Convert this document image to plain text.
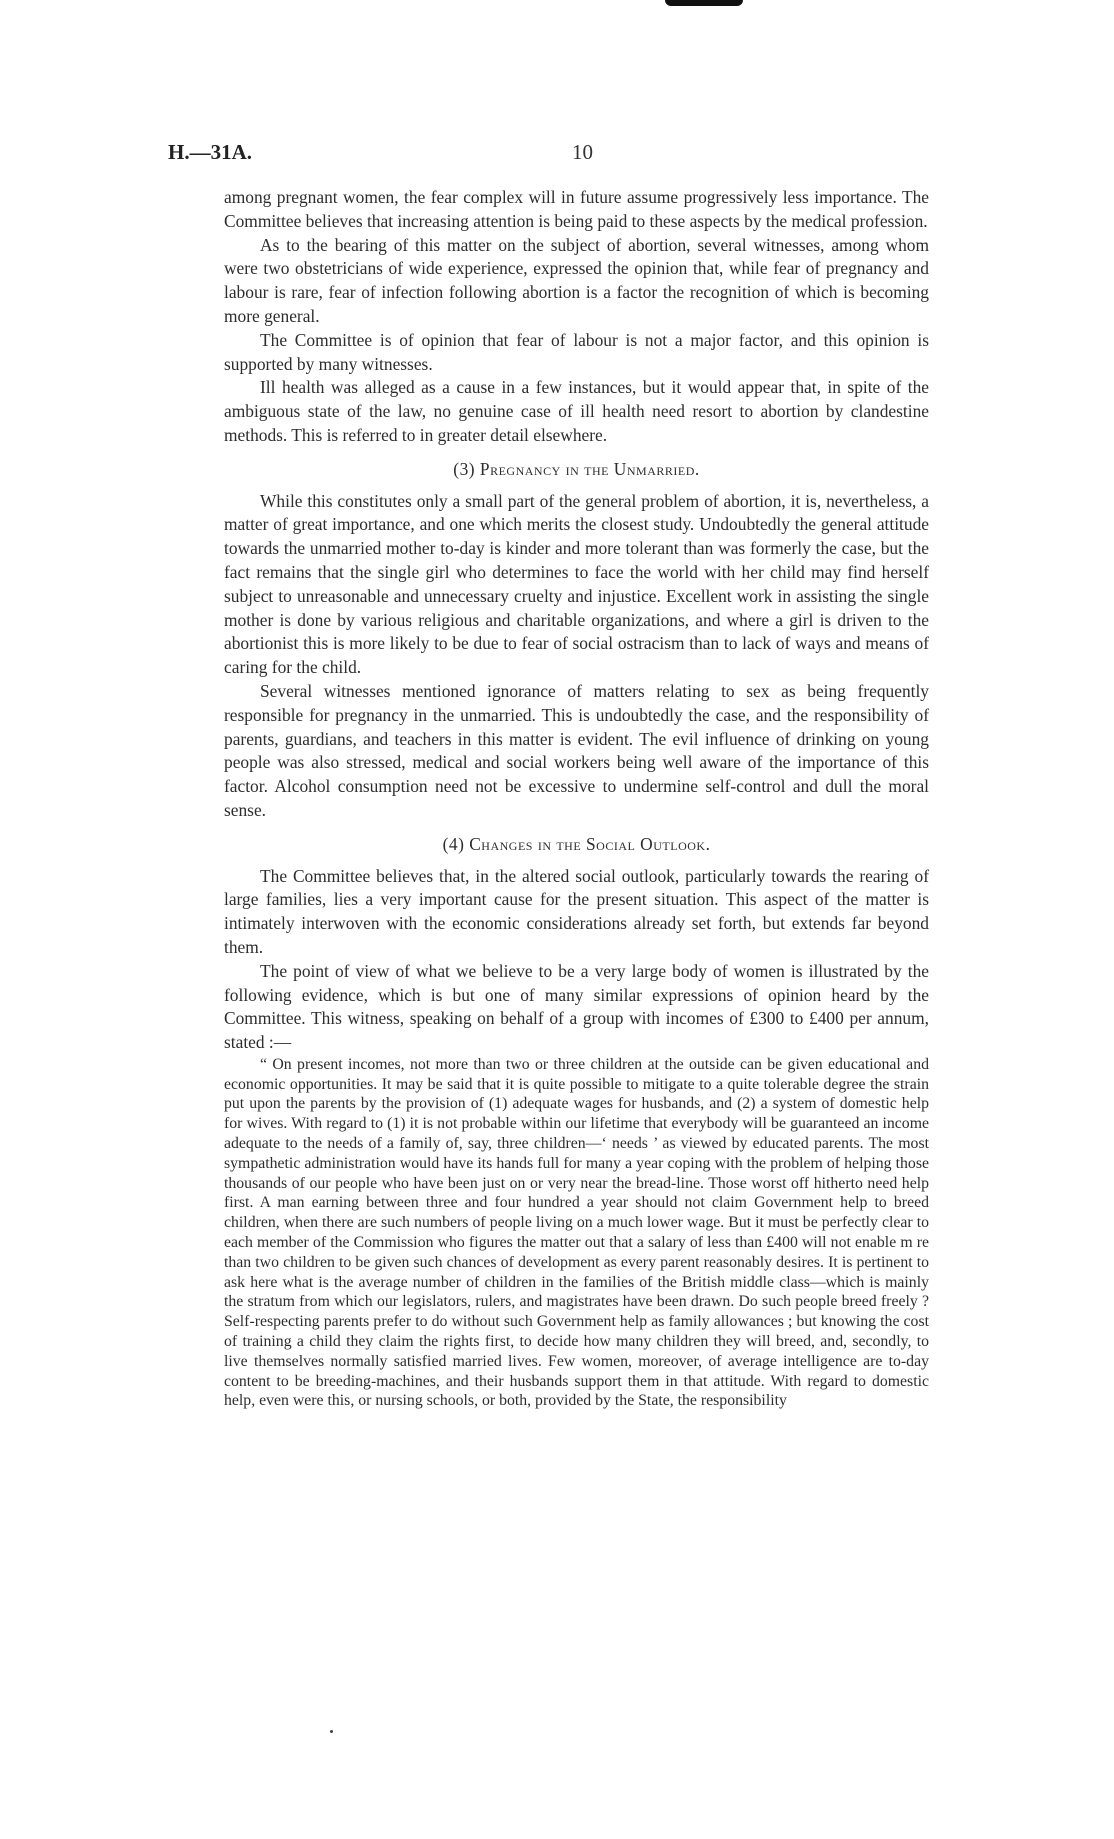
H.—31A.	10

among pregnant women, the fear complex will in future assume progressively less importance. The Committee believes that increasing attention is being paid to these aspects by the medical profession.

As to the bearing of this matter on the subject of abortion, several witnesses, among whom were two obstetricians of wide experience, expressed the opinion that, while fear of pregnancy and labour is rare, fear of infection following abortion is a factor the recognition of which is becoming more general.

The Committee is of opinion that fear of labour is not a major factor, and this opinion is supported by many witnesses.

Ill health was alleged as a cause in a few instances, but it would appear that, in spite of the ambiguous state of the law, no genuine case of ill health need resort to abortion by clandestine methods. This is referred to in greater detail elsewhere.

(3) Pregnancy in the Unmarried.

While this constitutes only a small part of the general problem of abortion, it is, nevertheless, a matter of great importance, and one which merits the closest study. Undoubtedly the general attitude towards the unmarried mother to-day is kinder and more tolerant than was formerly the case, but the fact remains that the single girl who determines to face the world with her child may find herself subject to unreasonable and unnecessary cruelty and injustice. Excellent work in assisting the single mother is done by various religious and charitable organizations, and where a girl is driven to the abortionist this is more likely to be due to fear of social ostracism than to lack of ways and means of caring for the child.

Several witnesses mentioned ignorance of matters relating to sex as being frequently responsible for pregnancy in the unmarried. This is undoubtedly the case, and the responsibility of parents, guardians, and teachers in this matter is evident. The evil influence of drinking on young people was also stressed, medical and social workers being well aware of the importance of this factor. Alcohol consumption need not be excessive to undermine self-control and dull the moral sense.

(4) Changes in the Social Outlook.

The Committee believes that, in the altered social outlook, particularly towards the rearing of large families, lies a very important cause for the present situation. This aspect of the matter is intimately interwoven with the economic considerations already set forth, but extends far beyond them.

The point of view of what we believe to be a very large body of women is illustrated by the following evidence, which is but one of many similar expressions of opinion heard by the Committee. This witness, speaking on behalf of a group with incomes of £300 to £400 per annum, stated :—

“ On present incomes, not more than two or three children at the outside can be given educational and economic opportunities. It may be said that it is quite possible to mitigate to a quite tolerable degree the strain put upon the parents by the provision of (1) adequate wages for husbands, and (2) a system of domestic help for wives. With regard to (1) it is not probable within our lifetime that everybody will be guaranteed an income adequate to the needs of a family of, say, three children—‘ needs ’ as viewed by educated parents. The most sympathetic administration would have its hands full for many a year coping with the problem of helping those thousands of our people who have been just on or very near the bread-line. Those worst off hitherto need help first. A man earning between three and four hundred a year should not claim Government help to breed children, when there are such numbers of people living on a much lower wage. But it must be perfectly clear to each member of the Commission who figures the matter out that a salary of less than £400 will not enable m re than two children to be given such chances of development as every parent reasonably desires. It is pertinent to ask here what is the average number of children in the families of the British middle class—which is mainly the stratum from which our legislators, rulers, and magistrates have been drawn. Do such people breed freely ? Self-respecting parents prefer to do without such Government help as family allowances ; but knowing the cost of training a child they claim the rights first, to decide how many children they will breed, and, secondly, to live themselves normally satisfied married lives. Few women, moreover, of average intelligence are to-day content to be breeding-machines, and their husbands support them in that attitude. With regard to domestic help, even were this, or nursing schools, or both, provided by the State, the responsibility
